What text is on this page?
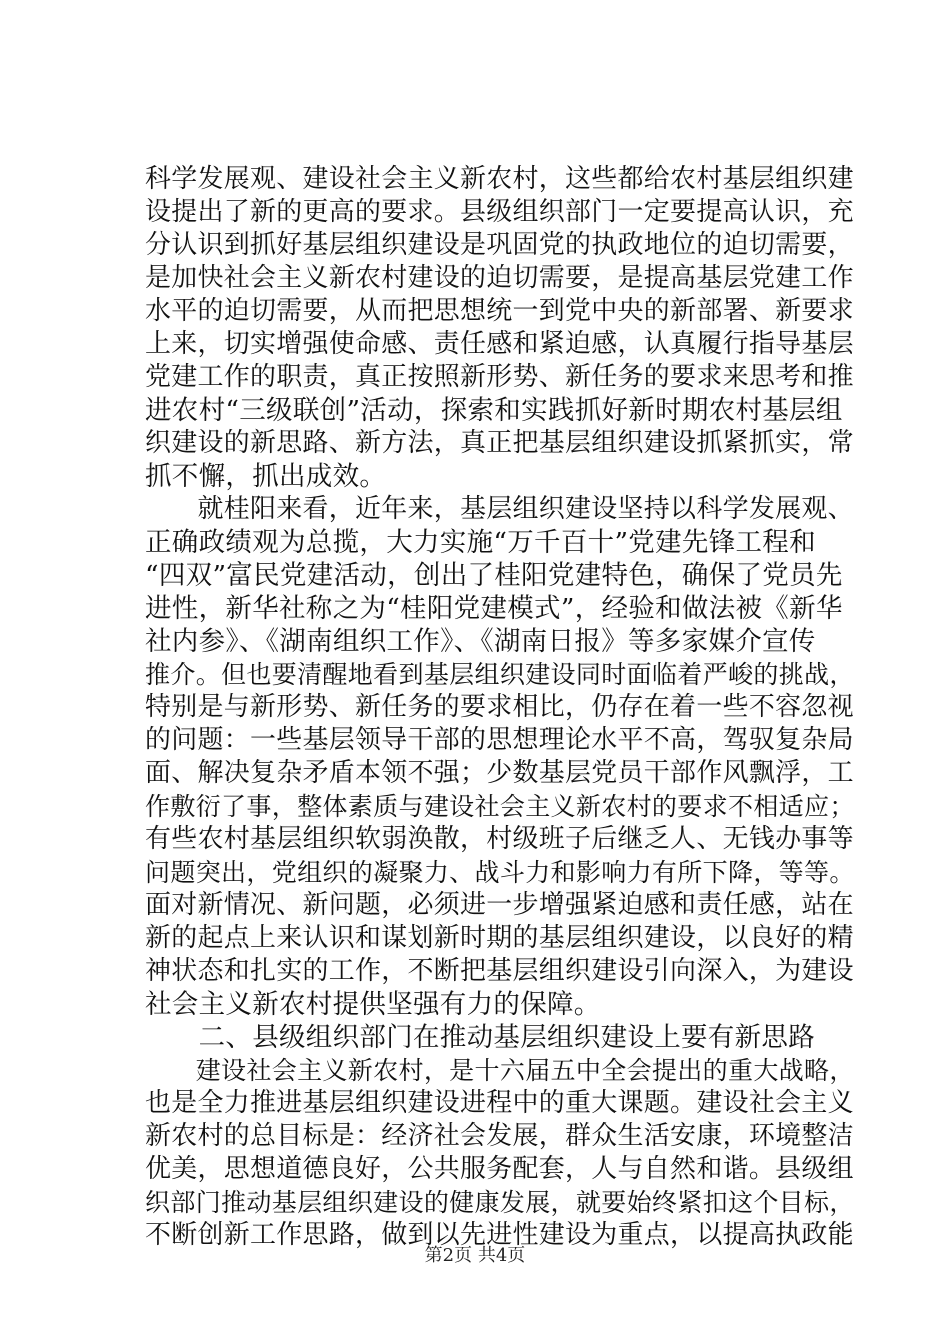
科学发展观、建设社会主义新农村，这些都给农村基层组织建
设提出了新的更高的要求。县级组织部门一定要提高认识，充
分认识到抓好基层组织建设是巩固党的执政地位的迫切需要，
是加快社会主义新农村建设的迫切需要，是提高基层党建工作
水平的迫切需要，从而把思想统一到党中央的新部署、新要求
上来，切实增强使命感、责任感和紧迫感，认真履行指导基层
党建工作的职责，真正按照新形势、新任务的要求来思考和推
进农村“三级联创”活动，探索和实践抓好新时期农村基层组
织建设的新思路、新方法，真正把基层组织建设抓紧抓实，常
抓不懈，抓出成效。
　　就桂阳来看，近年来，基层组织建设坚持以科学发展观、
正确政绩观为总揽，大力实施“万千百十”党建先锋工程和
“四双”富民党建活动，创出了桂阳党建特色，确保了党员先
进性，新华社称之为“桂阳党建模式”，经验和做法被《新华
社内参》、《湖南组织工作》、《湖南日报》等多家媒介宣传
推介。但也要清醒地看到基层组织建设同时面临着严峻的挑战，
特别是与新形势、新任务的要求相比，仍存在着一些不容忽视
的问题：一些基层领导干部的思想理论水平不高，驾驭复杂局
面、解决复杂矛盾本领不强；少数基层党员干部作风飘浮，工
作敷衍了事，整体素质与建设社会主义新农村的要求不相适应；
有些农村基层组织软弱涣散，村级班子后继乏人、无钱办事等
问题突出，党组织的凝聚力、战斗力和影响力有所下降，等等。
面对新情况、新问题，必须进一步增强紧迫感和责任感，站在
新的起点上来认识和谋划新时期的基层组织建设，以良好的精
神状态和扎实的工作，不断把基层组织建设引向深入，为建设
社会主义新农村提供坚强有力的保障。
　　二、县级组织部门在推动基层组织建设上要有新思路
　　建设社会主义新农村，是十六届五中全会提出的重大战略，
也是全力推进基层组织建设进程中的重大课题。建设社会主义
新农村的总目标是：经济社会发展，群众生活安康，环境整洁
优美，思想道德良好，公共服务配套，人与自然和谐。县级组
织部门推动基层组织建设的健康发展，就要始终紧扣这个目标，
不断创新工作思路，做到以先进性建设为重点，以提高执政能
第2页 共4页
